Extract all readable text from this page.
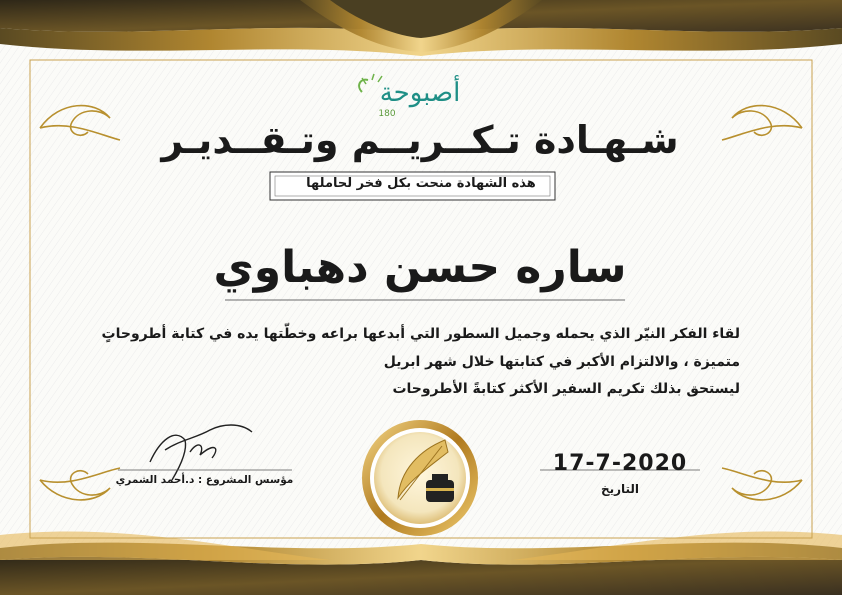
أصبوحة
180
شـهـادة تـكــريــم وتـقــديـر
هذه الشهادة منحت بكل فخر لحاملها
ساره حسن دهباوي
لقاء الفكر النيّر الذي يحمله وجميل السطور التي أبدعها براعه وخطّتها يده في كتابة أطروحاتٍ
متميزة ، والالتزام الأكبر في كتابتها خلال شهر ابريل
ليستحق بذلك تكريم السفير الأكثر كتابةً الأطروحات
مؤسس المشروع : د.أحمد الشمري
17-7-2020
التاريخ
